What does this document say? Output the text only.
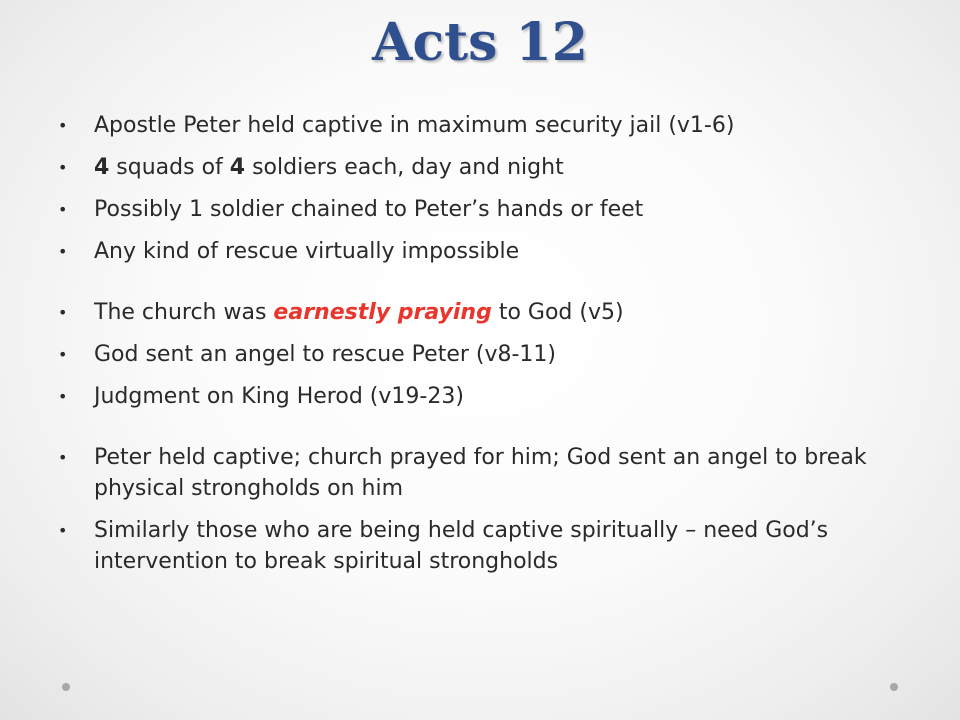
Acts 12
•	Apostle Peter held captive in maximum security jail (v1-6)
•	4 squads of 4 soldiers each, day and night
•	Possibly 1 soldier chained to Peter’s hands or feet
•	Any kind of rescue virtually impossible
•	The church was earnestly praying to God (v5)
•	God sent an angel to rescue Peter (v8-11)
•	Judgment on King Herod (v19-23)
•	Peter held captive; church prayed for him; God sent an angel to break physical strongholds on him
•	Similarly those who are being held captive spiritually – need God’s intervention to break spiritual strongholds
